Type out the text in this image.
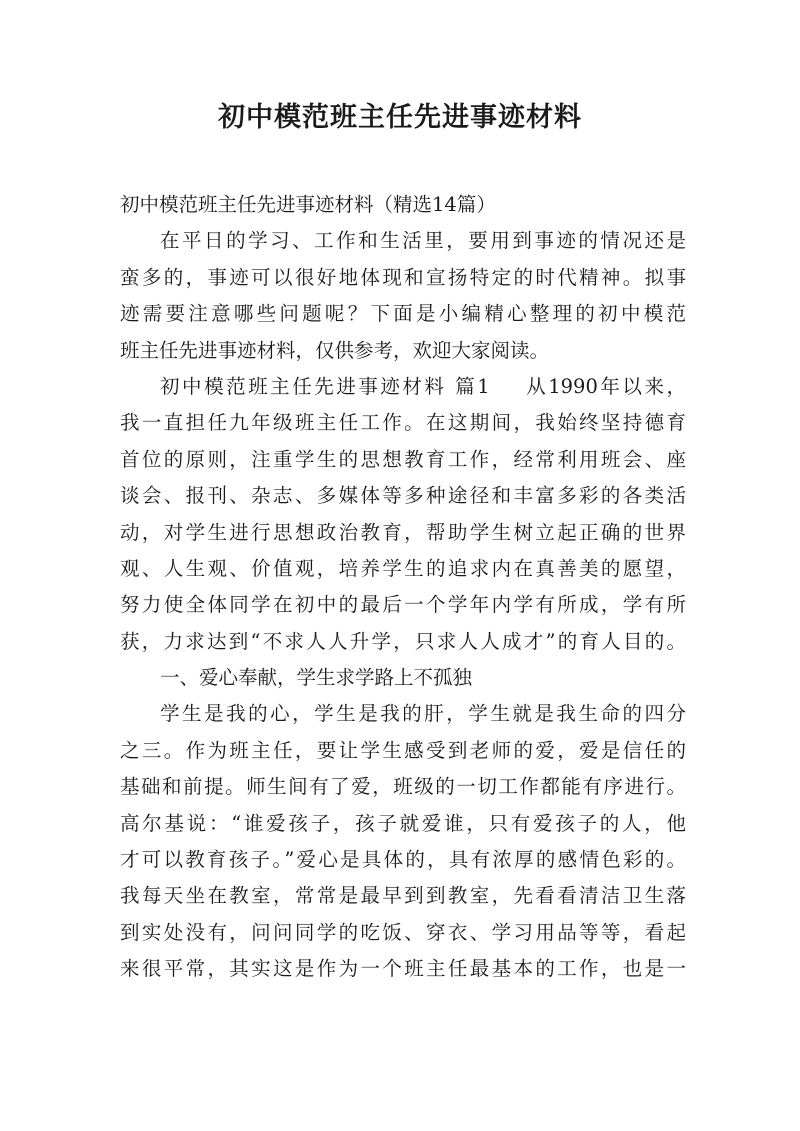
初中模范班主任先进事迹材料
初中模范班主任先进事迹材料（精选14篇）
在平日的学习、工作和生活里，要用到事迹的情况还是
蛮多的，事迹可以很好地体现和宣扬特定的时代精神。拟事
迹需要注意哪些问题呢？下面是小编精心整理的初中模范
班主任先进事迹材料，仅供参考，欢迎大家阅读。
初中模范班主任先进事迹材料 篇1 从1990年以来，
我一直担任九年级班主任工作。在这期间，我始终坚持德育
首位的原则，注重学生的思想教育工作，经常利用班会、座
谈会、报刊、杂志、多媒体等多种途径和丰富多彩的各类活
动，对学生进行思想政治教育，帮助学生树立起正确的世界
观、人生观、价值观，培养学生的追求内在真善美的愿望，
努力使全体同学在初中的最后一个学年内学有所成，学有所
获，力求达到“不求人人升学，只求人人成才”的育人目的。
一、爱心奉献，学生求学路上不孤独
学生是我的心，学生是我的肝，学生就是我生命的四分
之三。作为班主任，要让学生感受到老师的爱，爱是信任的
基础和前提。师生间有了爱，班级的一切工作都能有序进行。
高尔基说：“谁爱孩子，孩子就爱谁，只有爱孩子的人，他
才可以教育孩子。”爱心是具体的，具有浓厚的感情色彩的。
我每天坐在教室，常常是最早到到教室，先看看清洁卫生落
到实处没有，问问同学的吃饭、穿衣、学习用品等等，看起
来很平常，其实这是作为一个班主任最基本的工作，也是一
